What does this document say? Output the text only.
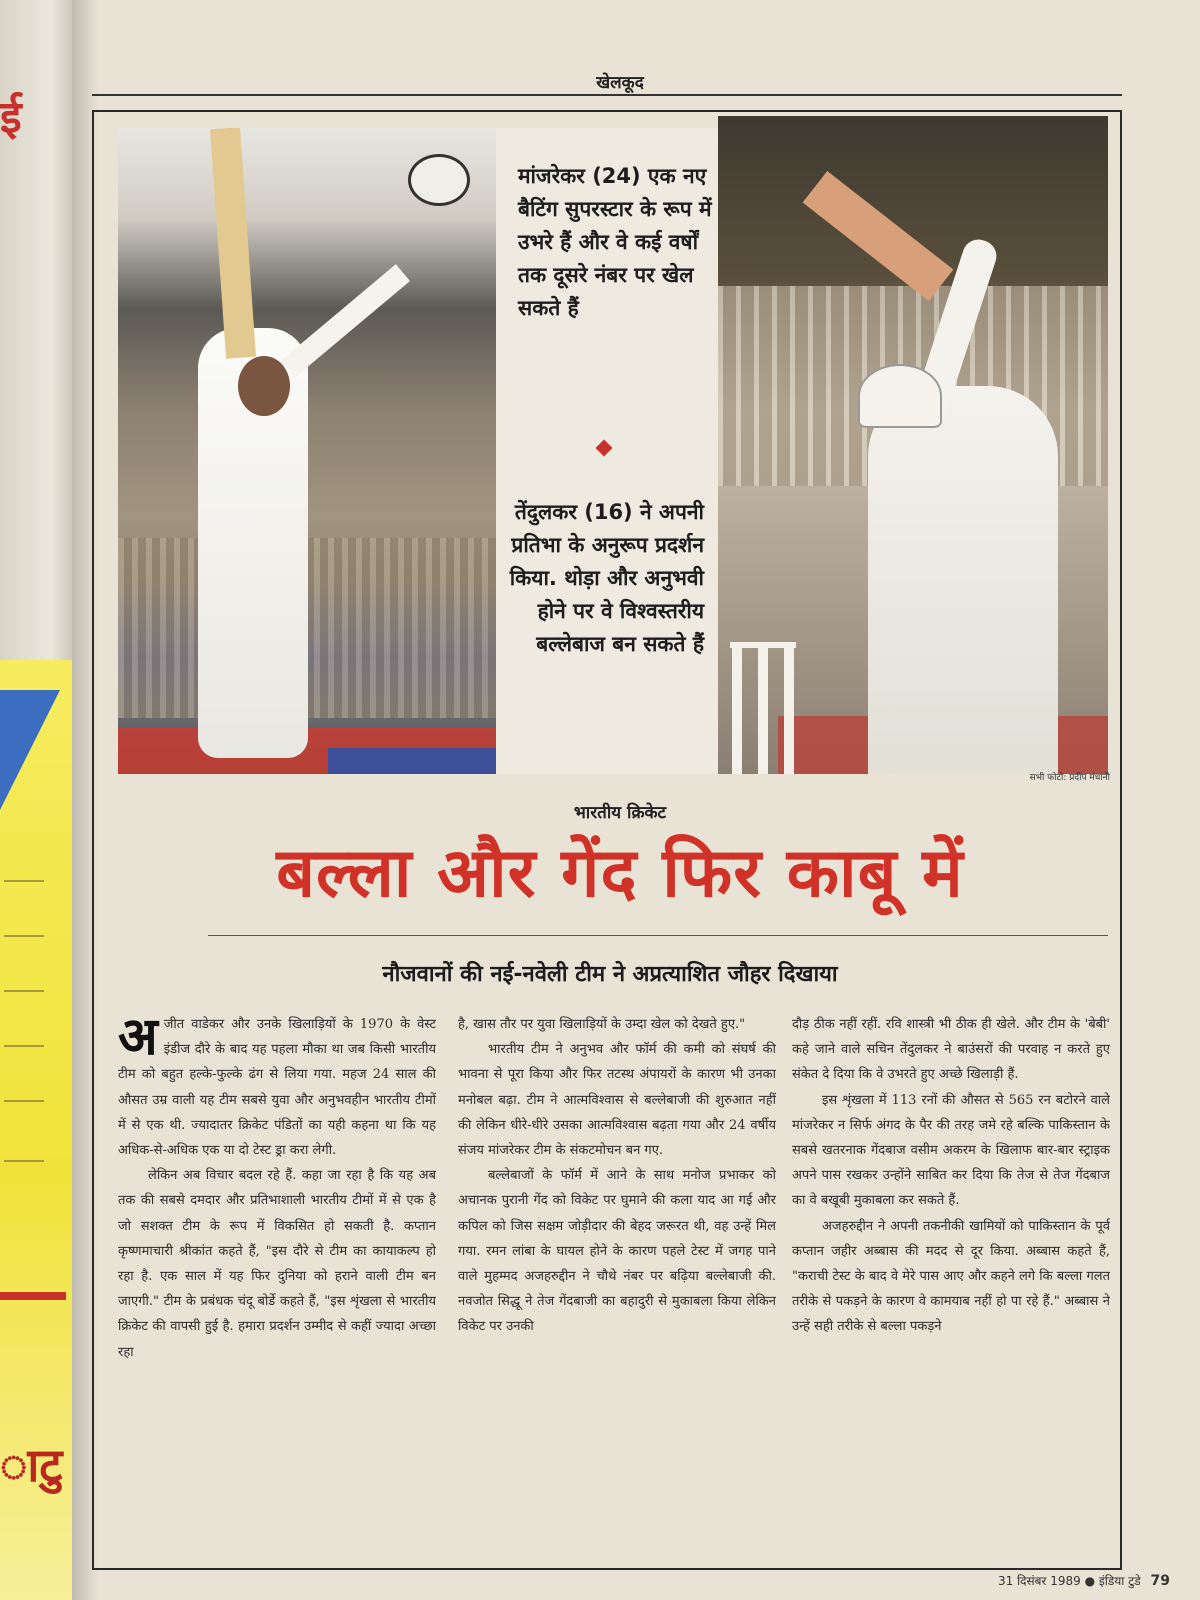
ई
ाटु
खेलकूद
मांजरेकर (24) एक नए बैटिंग सुपरस्टार के रूप में उभरे हैं और वे कई वर्षों तक दूसरे नंबर पर खेल सकते हैं
तेंदुलकर (16) ने अपनी प्रतिभा के अनुरूप प्रदर्शन किया. थोड़ा और अनुभवी होने पर वे विश्वस्तरीय बल्लेबाज बन सकते हैं
सभी फोटो: प्रदीप मंधानी
भारतीय क्रिकेट
बल्ला और गेंद फिर काबू में
नौजवानों की नई-नवेली टीम ने अप्रत्याशित जौहर दिखाया

अजीत वाडेकर और उनके खिलाड़ियों के 1970 के वेस्ट इंडीज दौरे के बाद यह पहला मौका था जब किसी भारतीय टीम को बहुत हल्के-फुल्के ढंग से लिया गया. महज 24 साल की औसत उम्र वाली यह टीम सबसे युवा और अनुभवहीन भारतीय टीमों में से एक थी. ज्यादातर क्रिकेट पंडितों का यही कहना था कि यह अधिक-से-अधिक एक या दो टेस्ट ड्रा करा लेगी.

लेकिन अब विचार बदल रहे हैं. कहा जा रहा है कि यह अब तक की सबसे दमदार और प्रतिभाशाली भारतीय टीमों में से एक है जो सशक्त टीम के रूप में विकसित हो सकती है. कप्तान कृष्णमाचारी श्रीकांत कहते हैं, "इस दौरे से टीम का कायाकल्प हो रहा है. एक साल में यह फिर दुनिया को हराने वाली टीम बन जाएगी." टीम के प्रबंधक चंदू बोर्डे कहते हैं, "इस शृंखला से भारतीय क्रिकेट की वापसी हुई है. हमारा प्रदर्शन उम्मीद से कहीं ज्यादा अच्छा रहा

है, खास तौर पर युवा खिलाड़ियों के उम्दा खेल को देखते हुए."

भारतीय टीम ने अनुभव और फॉर्म की कमी को संघर्ष की भावना से पूरा किया और फिर तटस्थ अंपायरों के कारण भी उनका मनोबल बढ़ा. टीम ने आत्मविश्वास से बल्लेबाजी की शुरुआत नहीं की लेकिन धीरे-धीरे उसका आत्मविश्वास बढ़ता गया और 24 वर्षीय संजय मांजरेकर टीम के संकटमोचन बन गए.

बल्लेबाजों के फॉर्म में आने के साथ मनोज प्रभाकर को अचानक पुरानी गेंद को विकेट पर घुमाने की कला याद आ गई और कपिल को जिस सक्षम जोड़ीदार की बेहद जरूरत थी, वह उन्हें मिल गया. रमन लांबा के घायल होने के कारण पहले टेस्ट में जगह पाने वाले मुहम्मद अजहरुद्दीन ने चौथे नंबर पर बढ़िया बल्लेबाजी की. नवजोत सिद्धू ने तेज गेंदबाजी का बहादुरी से मुकाबला किया लेकिन विकेट पर उनकी

दौड़ ठीक नहीं रहीं. रवि शास्त्री भी ठीक ही खेले. और टीम के 'बेबी' कहे जाने वाले सचिन तेंदुलकर ने बाउंसरों की परवाह न करते हुए संकेत दे दिया कि वे उभरते हुए अच्छे खिलाड़ी हैं.

इस शृंखला में 113 रनों की औसत से 565 रन बटोरने वाले मांजरेकर न सिर्फ अंगद के पैर की तरह जमे रहे बल्कि पाकिस्तान के सबसे खतरनाक गेंदबाज वसीम अकरम के खिलाफ बार-बार स्ट्राइक अपने पास रखकर उन्होंने साबित कर दिया कि तेज से तेज गेंदबाज का वे बखूबी मुकाबला कर सकते हैं.

अजहरुद्दीन ने अपनी तकनीकी खामियों को पाकिस्तान के पूर्व कप्तान जहीर अब्बास की मदद से दूर किया. अब्बास कहते हैं, "कराची टेस्ट के बाद वे मेरे पास आए और कहने लगे कि बल्ला गलत तरीके से पकड़ने के कारण वे कामयाब नहीं हो पा रहे हैं." अब्बास ने उन्हें सही तरीके से बल्ला पकड़ने

31 दिसंबर 1989 ● इंडिया टुडे 79
